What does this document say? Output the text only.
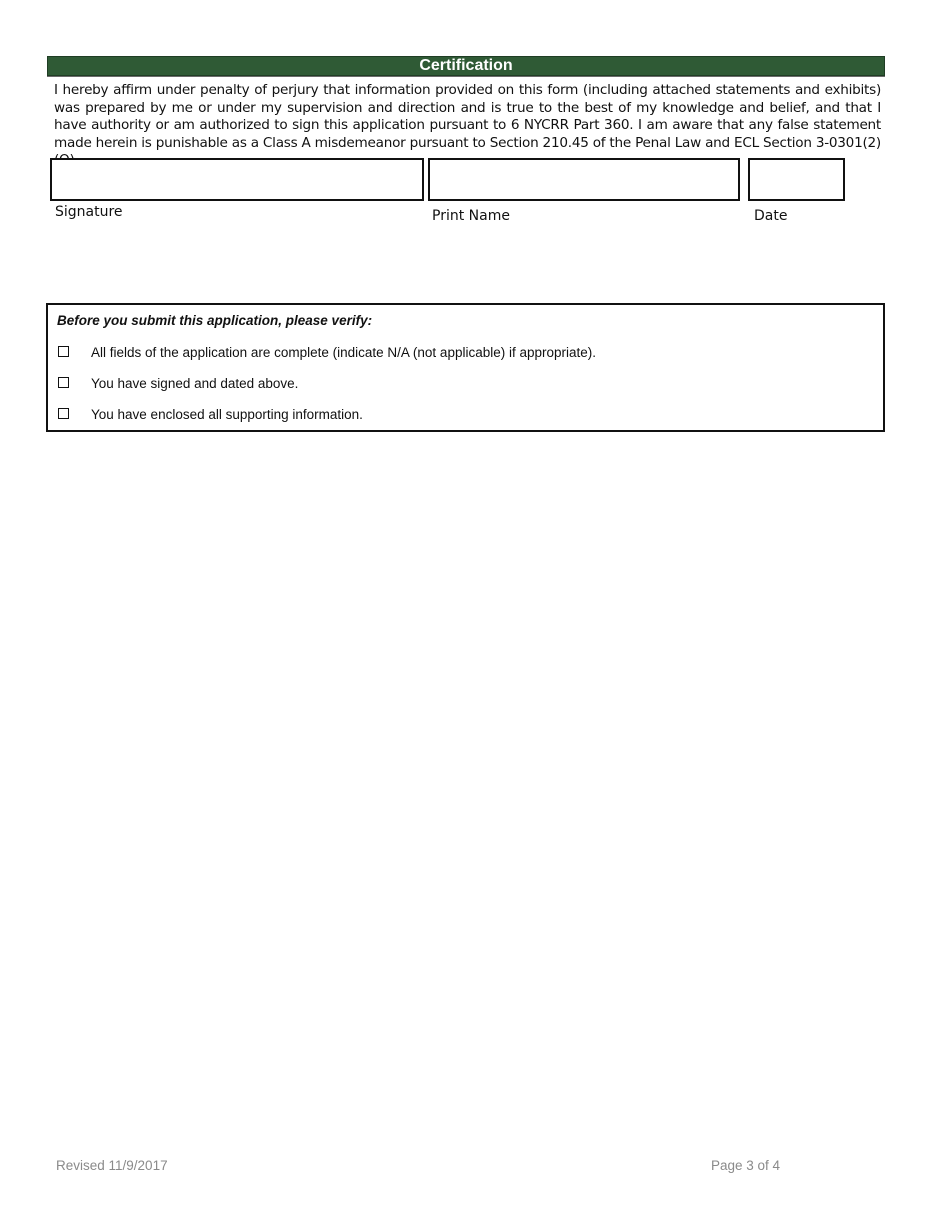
Certification
I hereby affirm under penalty of perjury that information provided on this form (including attached statements and exhibits) was prepared by me or under my supervision and direction and is true to the best of my knowledge and belief, and that I have authority or am authorized to sign this application pursuant to 6 NYCRR Part 360. I am aware that any false statement made herein is punishable as a Class A misdemeanor pursuant to Section 210.45 of the Penal Law and ECL Section 3-0301(2)
Signature	Print Name	Date
Before you submit this application, please verify:
All fields of the application are complete (indicate N/A (not applicable) if appropriate).
You have signed and dated above.
You have enclosed all supporting information.
Revised 11/9/2017	Page 3 of 4
